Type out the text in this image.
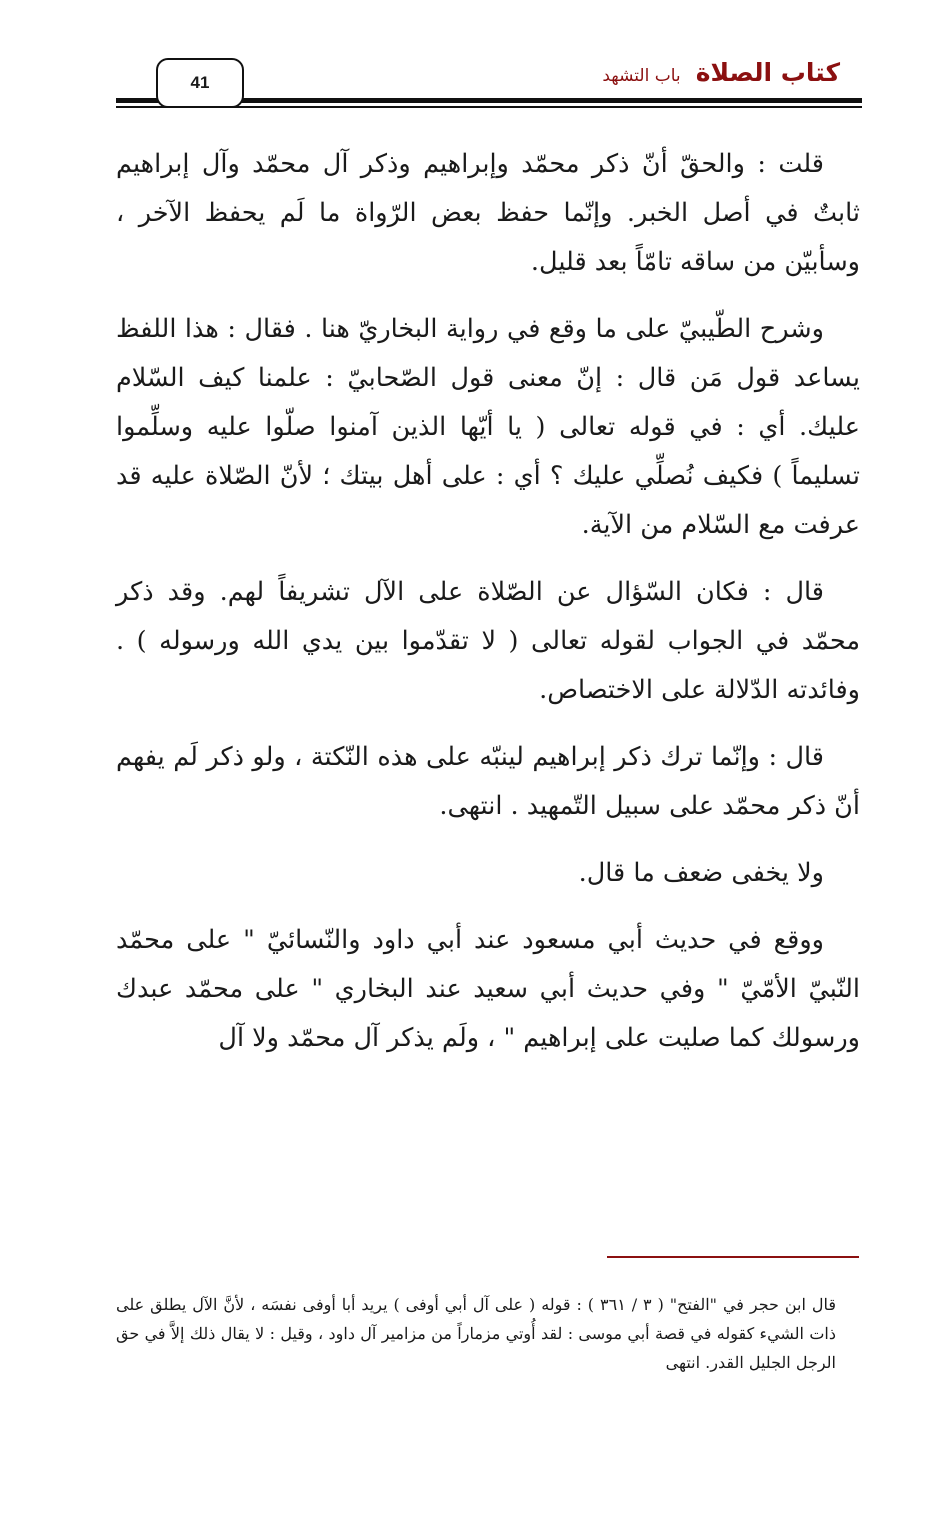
كتاب الصلاة باب التشهد
41

قلت : والحقّ أنّ ذكر محمّد وإبراهيم وذكر آل محمّد وآل إبراهيم ثابتٌ في أصل الخبر. وإنّما حفظ بعض الرّواة ما لَم يحفظ الآخر ، وسأبيّن من ساقه تامّاً بعد قليل.

وشرح الطّيبيّ على ما وقع في رواية البخاريّ هنا . فقال : هذا اللفظ يساعد قول مَن قال : إنّ معنى قول الصّحابيّ : علمنا كيف السّلام عليك. أي : في قوله تعالى ( يا أيّها الذين آمنوا صلّوا عليه وسلِّموا تسليماً ) فكيف نُصلِّي عليك ؟ أي : على أهل بيتك ؛ لأنّ الصّلاة عليه قد عرفت مع السّلام من الآية.

قال : فكان السّؤال عن الصّلاة على الآل تشريفاً لهم. وقد ذكر محمّد في الجواب لقوله تعالى ( لا تقدّموا بين يدي الله ورسوله ) . وفائدته الدّلالة على الاختصاص.

قال : وإنّما ترك ذكر إبراهيم لينبّه على هذه النّكتة ، ولو ذكر لَم يفهم أنّ ذكر محمّد على سبيل التّمهيد . انتهى.

ولا يخفى ضعف ما قال.

ووقع في حديث أبي مسعود عند أبي داود والنّسائيّ " على محمّد النّبيّ الأمّيّ " وفي حديث أبي سعيد عند البخاري " على محمّد عبدك ورسولك كما صليت على إبراهيم " ، ولَم يذكر آل محمّد ولا آل

قال ابن حجر في "الفتح" ( ٣ / ٣٦١ ) : قوله ( على آل أبي أوفى ) يريد أبا أوفى نفسَه ، لأنَّ الآل يطلق على ذات الشيء كقوله في قصة أبي موسى : لقد أُوتي مزماراً من مزامير آل داود ، وقيل : لا يقال ذلك إلاَّ في حق الرجل الجليل القدر. انتهى
